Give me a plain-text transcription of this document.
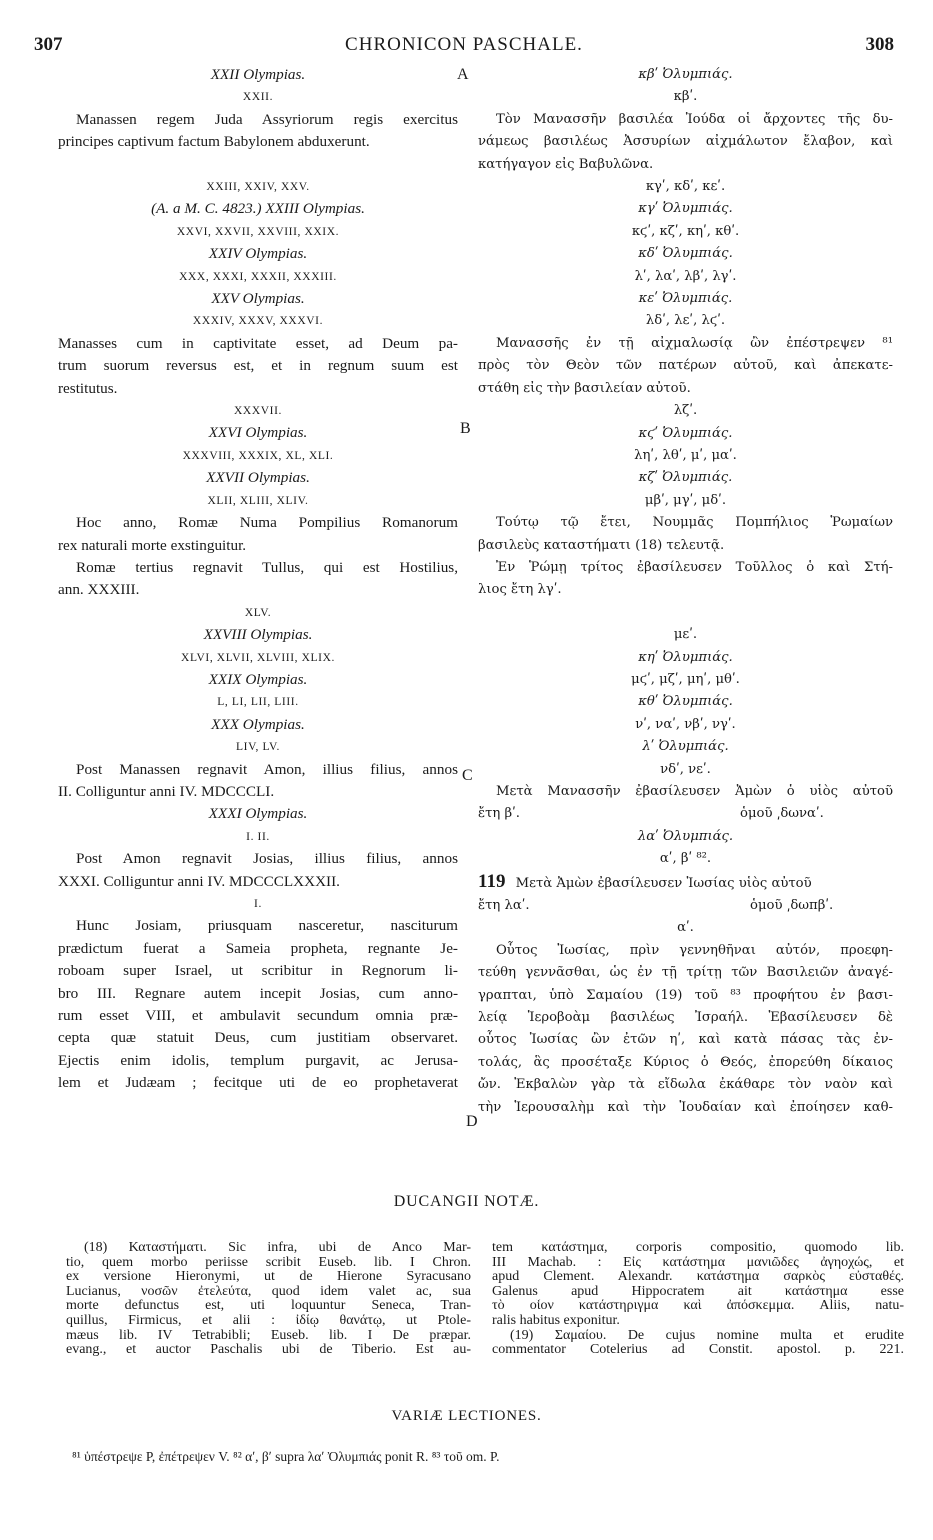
307	CHRONICON PASCHALE.	308
A
B
C
D
XXII Olympias.
XXII.
Manassen regem Juda Assyriorum regis exercitus
principes captivum factum Babylonem abduxerunt.
XXIII, XXIV, XXV.
(A. a M. C. 4823.) XXIII Olympias.
XXVI, XXVII, XXVIII, XXIX.
XXIV Olympias.
XXX, XXXI, XXXII, XXXIII.
XXV Olympias.
XXXIV, XXXV, XXXVI.
Manasses cum in captivitate esset, ad Deum pa-
trum suorum reversus est, et in regnum suum est
restitutus.
XXXVII.
XXVI Olympias.
XXXVIII, XXXIX, XL, XLI.
XXVII Olympias.
XLII, XLIII, XLIV.
Hoc anno, Romæ Numa Pompilius Romanorum
rex naturali morte exstinguitur.
Romæ tertius regnavit Tullus, qui est Hostilius,
ann. XXXIII.
XLV.
XXVIII Olympias.
XLVI, XLVII, XLVIII, XLIX.
XXIX Olympias.
L, LI, LII, LIII.
XXX Olympias.
LIV, LV.
Post Manassen regnavit Amon, illius filius, annos
II. Colliguntur anni IV. MDCCCLI.
XXXI Olympias.
I. II.
Post Amon regnavit Josias, illius filius, annos
XXXI. Colliguntur anni IV. MDCCCLXXXII.
I.
Hunc Josiam, priusquam nasceretur, nasciturum
prædictum fuerat a Sameia propheta, regnante Je-
roboam super Israel, ut scribitur in Regnorum li-
bro III. Regnare autem incepit Josias, cum anno-
rum esset VIII, et ambulavit secundum omnia præ-
cepta quæ statuit Deus, cum justitiam observaret.
Ejectis enim idolis, templum purgavit, ac Jerusa-
lem et Judæam ; fecitque uti de eo prophetaverat
κβʹ Ὀλυμπιάς.
κβʹ.
Τὸν Μανασσῆν βασιλέα Ἰούδα οἱ ἄρχοντες τῆς δυ-
νάμεως βασιλέως Ἀσσυρίων αἰχμάλωτον ἔλαβον, καὶ
κατήγαγον εἰς Βαβυλῶνα.
κγʹ, κδʹ, κεʹ.
κγʹ Ὀλυμπιάς.
κϛʹ, κζʹ, κηʹ, κθʹ.
κδʹ Ὀλυμπιάς.
λʹ, λαʹ, λβʹ, λγʹ.
κεʹ Ὀλυμπιάς.
λδʹ, λεʹ, λϛʹ.
Μανασσῆς ἐν τῇ αἰχμαλωσίᾳ ὢν ἐπέστρεψεν ⁸¹
πρὸς τὸν Θεὸν τῶν πατέρων αὐτοῦ, καὶ ἀπεκατε-
στάθη εἰς τὴν βασιλείαν αὐτοῦ.
λζʹ.
κϛʹ Ὀλυμπιάς.
ληʹ, λθʹ, μʹ, μαʹ.
κζʹ Ὀλυμπιάς.
μβʹ, μγʹ, μδʹ.
Τούτῳ τῷ ἔτει, Νουμμᾶς Πομπήλιος Ῥωμαίων
βασιλεὺς καταστήματι (18) τελευτᾷ.
Ἐν Ῥώμῃ τρίτος ἐβασίλευσεν Τοῦλλος ὁ καὶ Στή-
λιος ἔτη λγʹ.
μεʹ.
κηʹ Ὀλυμπιάς.
μϛʹ, μζʹ, μηʹ, μθʹ.
κθʹ Ὀλυμπιάς.
νʹ, ναʹ, νβʹ, νγʹ.
λʹ Ὀλυμπιάς.
νδʹ, νεʹ.
Μετὰ Μανασσῆν ἐβασίλευσεν Ἀμὼν ὁ υἱὸς αὐτοῦ
ἔτη βʹ.	ὁμοῦ ͵δωναʹ.
λαʹ Ὀλυμπιάς.
αʹ, βʹ ⁸².
119 Μετὰ Ἀμὼν ἐβασίλευσεν Ἰωσίας υἱὸς αὐτοῦ
ἔτη λαʹ.	ὁμοῦ ͵δωπβʹ.
αʹ.
Οὗτος Ἰωσίας, πρὶν γεννηθῆναι αὐτόν, προεφη-
τεύθη γεννᾶσθαι, ὡς ἐν τῇ τρίτῃ τῶν Βασιλειῶν ἀναγέ-
γραπται, ὑπὸ Σαμαίου (19) τοῦ ⁸³ προφήτου ἐν βασι-
λείᾳ Ἱεροβοὰμ βασιλέως Ἰσραήλ. Ἐβασίλευσεν δὲ
οὗτος Ἰωσίας ὢν ἐτῶν ηʹ, καὶ κατὰ πάσας τὰς ἐν-
τολάς, ἃς προσέταξε Κύριος ὁ Θεός, ἐπορεύθη δίκαιος
ὤν. Ἐκβαλὼν γὰρ τὰ εἴδωλα ἐκάθαρε τὸν ναὸν καὶ
τὴν Ἱερουσαλὴμ καὶ τὴν Ἰουδαίαν καὶ ἐποίησεν καθ-
DUCANGII NOTÆ.
(18) Καταστήματι. Sic infra, ubi de Anco Mar-
tio, quem morbo periisse scribit Euseb. lib. I Chron.
ex versione Hieronymi, ut de Hierone Syracusano
Lucianus, νοσῶν ἐτελεύτα, quod idem valet ac, sua
morte defunctus est, uti loquuntur Seneca, Tran-
quillus, Firmicus, et alii : ἰδίῳ θανάτῳ, ut Ptole-
mæus lib. IV Tetrabibli; Euseb. lib. I De præpar.
evang., et auctor Paschalis ubi de Tiberio. Est au-
tem κατάστημα, corporis compositio, quomodo lib.
III Machab. : Εἰς κατάστημα μανιῶδες ἀγηοχώς, et
apud Clement. Alexandr. κατάστημα σαρκὸς εὐσταθές.
Galenus apud Hippocratem ait κατάστημα esse
τὸ οἷον κατάστηριγμα καὶ ἀπόσκεμμα. Aliis, natu-
ralis habitus exponitur.
(19) Σαμαίου. De cujus nomine multa et erudite
commentator Cotelerius ad Constit. apostol. p. 221.
VARIÆ LECTIONES.
⁸¹ ὑπέστρεψε P, ἐπέτρεψεν V. ⁸² αʹ, βʹ supra λαʹ Ὀλυμπιάς ponit R. ⁸³ τοῦ om. P.
